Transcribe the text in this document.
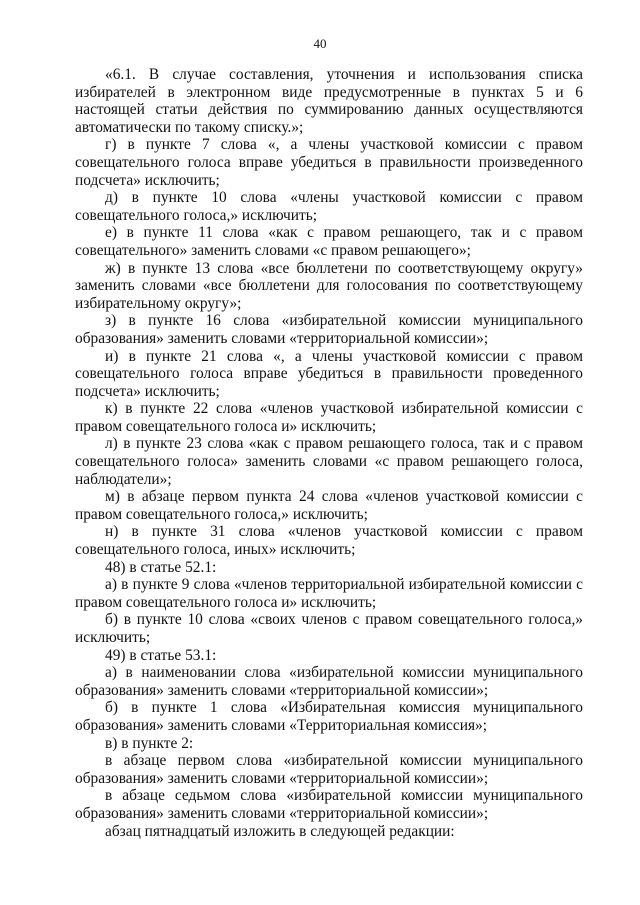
40

«6.1. В случае составления, уточнения и использования списка избирателей в электронном виде предусмотренные в пунктах 5 и 6 настоящей статьи действия по суммированию данных осуществляются автоматически по такому списку.»;

г) в пункте 7 слова «, а члены участковой комиссии с правом совещательного голоса вправе убедиться в правильности произведенного подсчета» исключить;

д) в пункте 10 слова «члены участковой комиссии с правом совещательного голоса,» исключить;

е) в пункте 11 слова «как с правом решающего, так и с правом совещательного» заменить словами «с правом решающего»;

ж) в пункте 13 слова «все бюллетени по соответствующему округу» заменить словами «все бюллетени для голосования по соответствующему избирательному округу»;

з) в пункте 16 слова «избирательной комиссии муниципального образования» заменить словами «территориальной комиссии»;

и) в пункте 21 слова «, а члены участковой комиссии с правом совещательного голоса вправе убедиться в правильности проведенного подсчета» исключить;

к) в пункте 22 слова «членов участковой избирательной комиссии с правом совещательного голоса и» исключить;

л) в пункте 23 слова «как с правом решающего голоса, так и с правом совещательного голоса» заменить словами «с правом решающего голоса, наблюдатели»;

м) в абзаце первом пункта 24 слова «членов участковой комиссии с правом совещательного голоса,» исключить;

н) в пункте 31 слова «членов участковой комиссии с правом совещательного голоса, иных» исключить;

48) в статье 52.1:

а) в пункте 9 слова «членов территориальной избирательной комиссии с правом совещательного голоса и» исключить;

б) в пункте 10 слова «своих членов с правом совещательного голоса,» исключить;

49) в статье 53.1:

а) в наименовании слова «избирательной комиссии муниципального образования» заменить словами «территориальной комиссии»;

б) в пункте 1 слова «Избирательная комиссия муниципального образования» заменить словами «Территориальная комиссия»;

в) в пункте 2:

в абзаце первом слова «избирательной комиссии муниципального образования» заменить словами «территориальной комиссии»;

в абзаце седьмом слова «избирательной комиссии муниципального образования» заменить словами «территориальной комиссии»;

абзац пятнадцатый изложить в следующей редакции:
